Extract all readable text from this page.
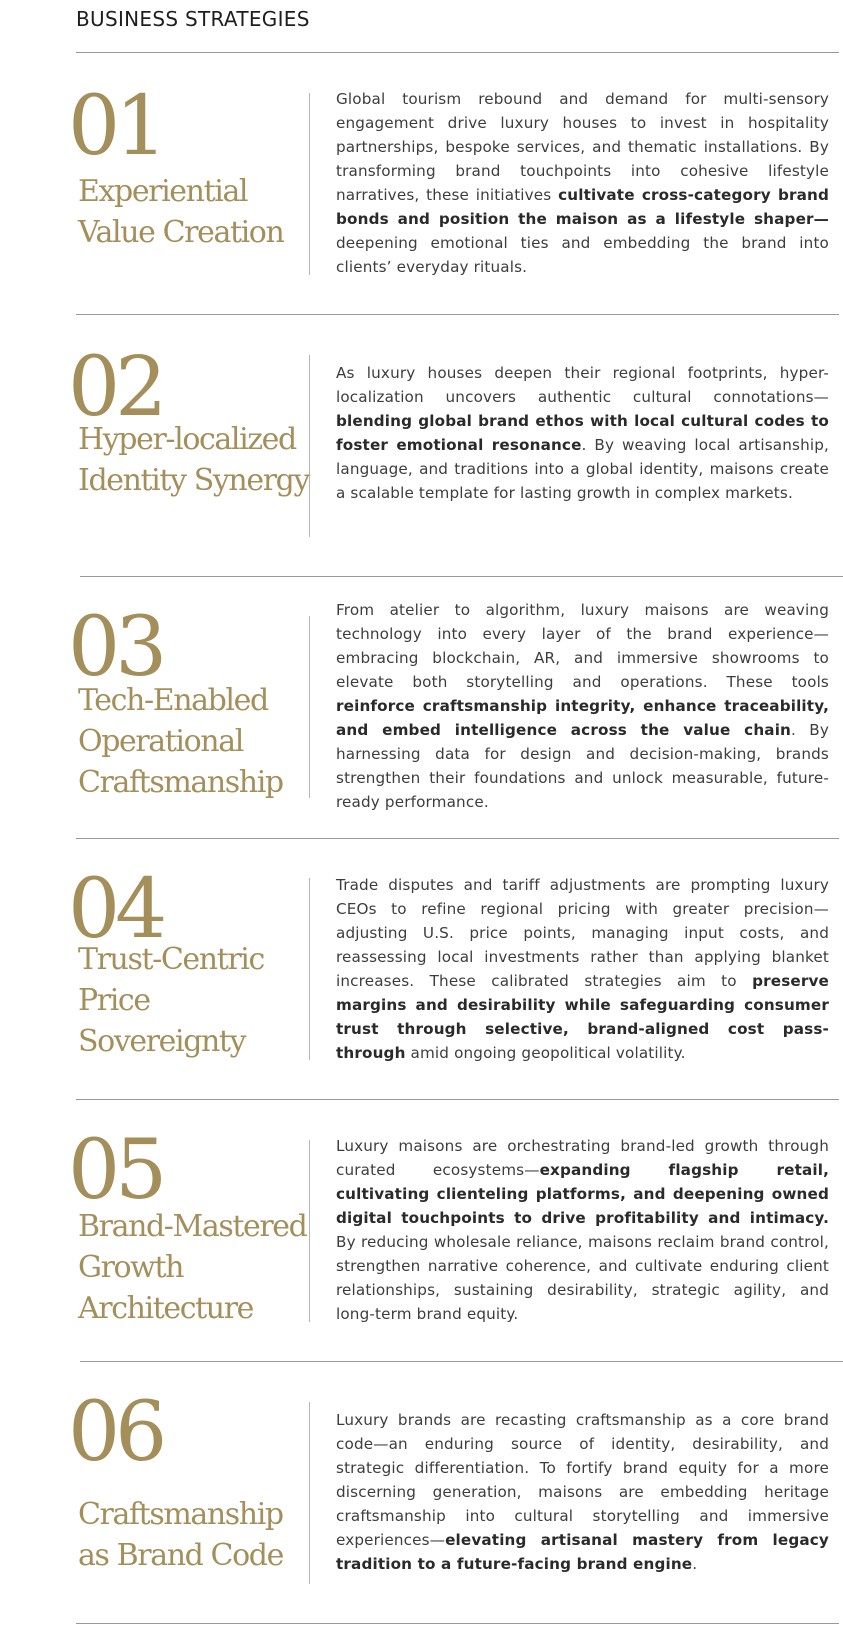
BUSINESS STRATEGIES
01
Experiential
Value Creation
Global tourism rebound and demand for multi-sensory engagement drive luxury houses to invest in hospitality partnerships, bespoke services, and thematic installations. By transforming brand touchpoints into cohesive lifestyle narratives, these initiatives cultivate cross-category brand bonds and position the maison as a lifestyle shaper— deepening emotional ties and embedding the brand into clients’ everyday rituals.
02
Hyper-localized
Identity Synergy
As luxury houses deepen their regional footprints, hyper-localization uncovers authentic cultural connotations—blending global brand ethos with local cultural codes to foster emotional resonance. By weaving local artisanship, language, and traditions into a global identity, maisons create a scalable template for lasting growth in complex markets.
03
Tech-Enabled
Operational
Craftsmanship
From atelier to algorithm, luxury maisons are weaving technology into every layer of the brand experience—embracing blockchain, AR, and immersive showrooms to elevate both storytelling and operations. These tools reinforce craftsmanship integrity, enhance traceability, and embed intelligence across the value chain. By harnessing data for design and decision-making, brands strengthen their foundations and unlock measurable, future-ready performance.
04
Trust-Centric
Price
Sovereignty
Trade disputes and tariff adjustments are prompting luxury CEOs to refine regional pricing with greater precision—adjusting U.S. price points, managing input costs, and reassessing local investments rather than applying blanket increases. These calibrated strategies aim to preserve margins and desirability while safeguarding consumer trust through selective, brand-aligned cost pass-through amid ongoing geopolitical volatility.
05
Brand-Mastered
Growth
Architecture
Luxury maisons are orchestrating brand-led growth through curated ecosystems—expanding flagship retail, cultivating clienteling platforms, and deepening owned digital touchpoints to drive profitability and intimacy. By reducing wholesale reliance, maisons reclaim brand control, strengthen narrative coherence, and cultivate enduring client relationships, sustaining desirability, strategic agility, and long-term brand equity.
06
Craftsmanship
as Brand Code
Luxury brands are recasting craftsmanship as a core brand code—an enduring source of identity, desirability, and strategic differentiation. To fortify brand equity for a more discerning generation, maisons are embedding heritage craftsmanship into cultural storytelling and immersive experiences—elevating artisanal mastery from legacy tradition to a future-facing brand engine.
